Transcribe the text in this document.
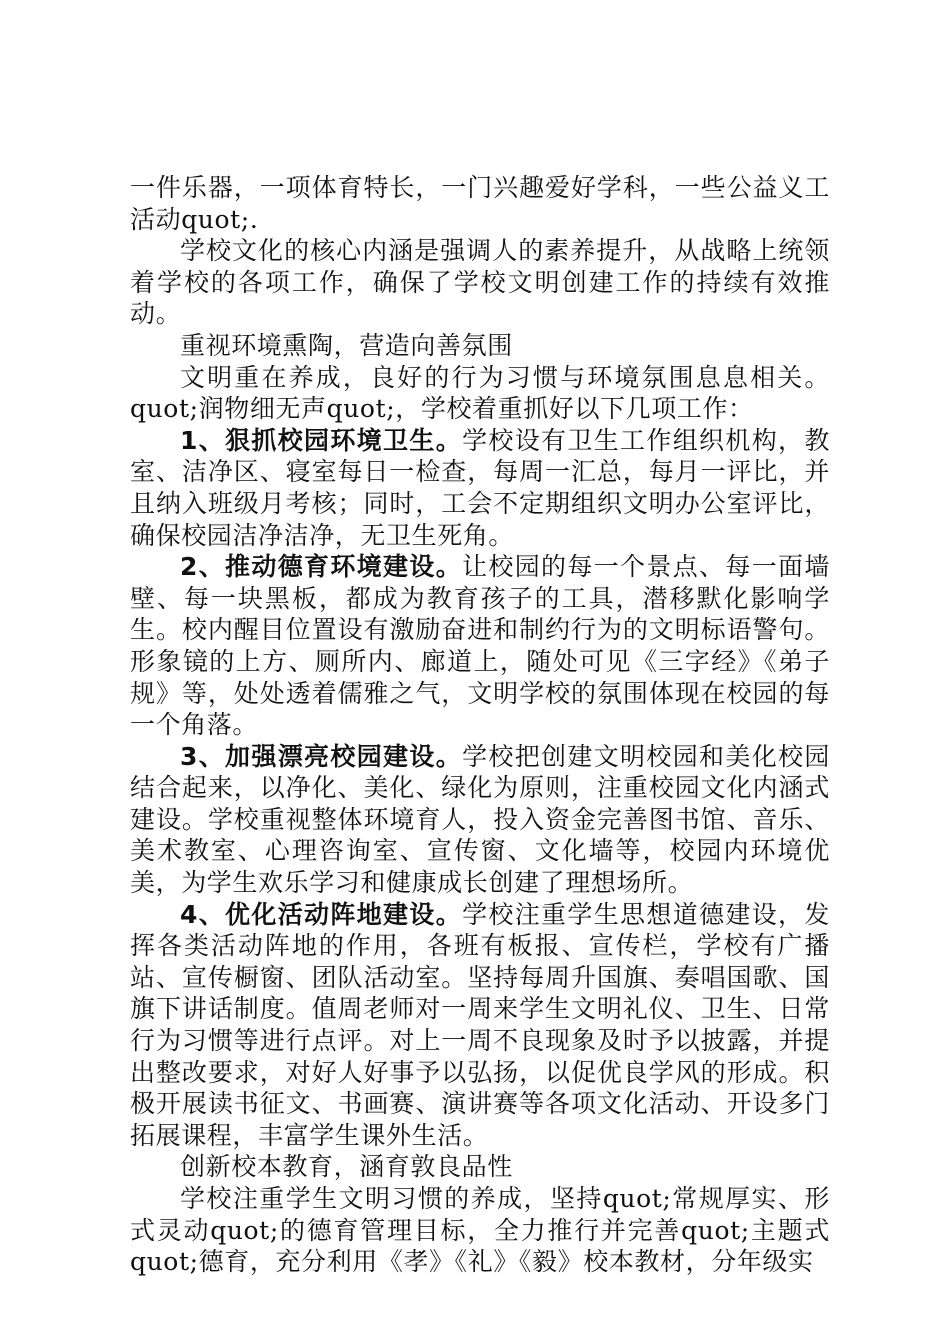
一件乐器，一项体育特长，一门兴趣爱好学科，一些公益义工活动quot;.

学校文化的核心内涵是强调人的素养提升，从战略上统领着学校的各项工作，确保了学校文明创建工作的持续有效推动。

重视环境熏陶，营造向善氛围

文明重在养成，良好的行为习惯与环境氛围息息相关。quot;润物细无声quot;，学校着重抓好以下几项工作：

1、狠抓校园环境卫生。学校设有卫生工作组织机构，教室、洁净区、寝室每日一检查，每周一汇总，每月一评比，并且纳入班级月考核；同时，工会不定期组织文明办公室评比，确保校园洁净洁净，无卫生死角。

2、推动德育环境建设。让校园的每一个景点、每一面墙壁、每一块黑板，都成为教育孩子的工具，潜移默化影响学生。校内醒目位置设有激励奋进和制约行为的文明标语警句。形象镜的上方、厕所内、廊道上，随处可见《三字经》《弟子规》等，处处透着儒雅之气，文明学校的氛围体现在校园的每一个角落。

3、加强漂亮校园建设。学校把创建文明校园和美化校园结合起来，以净化、美化、绿化为原则，注重校园文化内涵式建设。学校重视整体环境育人，投入资金完善图书馆、音乐、美术教室、心理咨询室、宣传窗、文化墙等，校园内环境优美，为学生欢乐学习和健康成长创建了理想场所。

4、优化活动阵地建设。学校注重学生思想道德建设，发挥各类活动阵地的作用，各班有板报、宣传栏，学校有广播站、宣传橱窗、团队活动室。坚持每周升国旗、奏唱国歌、国旗下讲话制度。值周老师对一周来学生文明礼仪、卫生、日常行为习惯等进行点评。对上一周不良现象及时予以披露，并提出整改要求，对好人好事予以弘扬，以促优良学风的形成。积极开展读书征文、书画赛、演讲赛等各项文化活动、开设多门拓展课程，丰富学生课外生活。

创新校本教育，涵育敦良品性

学校注重学生文明习惯的养成，坚持quot;常规厚实、形式灵动quot;的德育管理目标，全力推行并完善quot;主题式quot;德育，充分利用《孝》《礼》《毅》校本教材，分年级实
